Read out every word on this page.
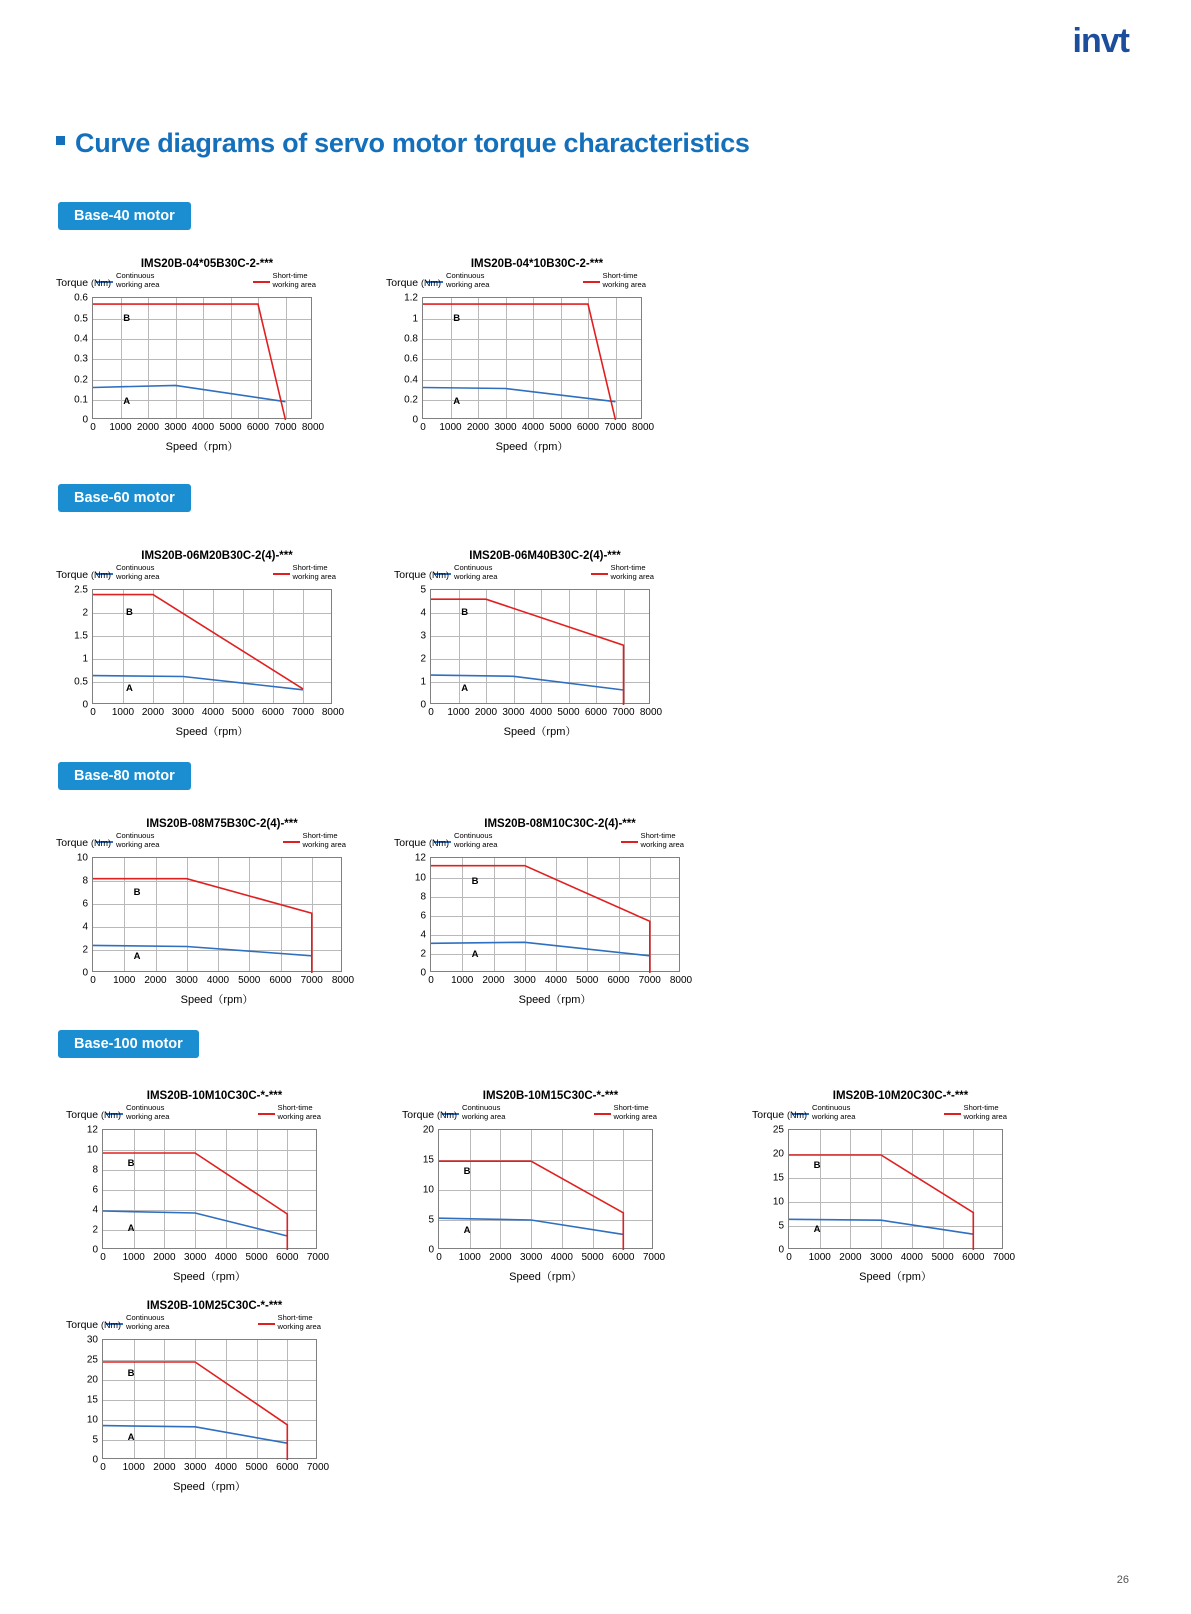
invt
Curve diagrams of servo motor torque characteristics
Base-40 motor
Base-60 motor
Base-80 motor
Base-100 motor
IMS20B-04*05B30C-2-***
Continuous
working area
Short-time
working area
Torque (Nm)
0
0.1
0.2
0.3
0.4
0.5
0.6
0 1000 2000 3000 4000 5000 6000 7000 8000
B
A
Speed（rpm）
IMS20B-04*10B30C-2-***
Continuous
working area
Short-time
working area
Torque (Nm)
0
0.2
0.4
0.6
0.8
1
1.2
0 1000 2000 3000 4000 5000 6000 7000 8000
B
A
Speed（rpm）
IMS20B-06M20B30C-2(4)-***
Continuous
working area
Short-time
working area
Torque (Nm)
0
0.5
1
1.5
2
2.5
0 1000 2000 3000 4000 5000 6000 7000 8000
B
A
Speed（rpm）
IMS20B-06M40B30C-2(4)-***
Continuous
working area
Short-time
working area
Torque (Nm)
0
1
2
3
4
5
0 1000 2000 3000 4000 5000 6000 7000 8000
B
A
Speed（rpm）
IMS20B-08M75B30C-2(4)-***
Continuous
working area
Short-time
working area
Torque (Nm)
0
2
4
6
8
10
0 1000 2000 3000 4000 5000 6000 7000 8000
B
A
Speed（rpm）
IMS20B-08M10C30C-2(4)-***
Continuous
working area
Short-time
working area
Torque (Nm)
0
2
4
6
8
10
12
0 1000 2000 3000 4000 5000 6000 7000 8000
B
A
Speed（rpm）
IMS20B-10M10C30C-*-***
Continuous
working area
Short-time
working area
Torque (Nm)
0
2
4
6
8
10
12
0 1000 2000 3000 4000 5000 6000 7000
B
A
Speed（rpm）
IMS20B-10M15C30C-*-***
Continuous
working area
Short-time
working area
Torque (Nm)
0
5
10
15
20
0 1000 2000 3000 4000 5000 6000 7000
B
A
Speed（rpm）
IMS20B-10M20C30C-*-***
Continuous
working area
Short-time
working area
Torque (Nm)
0
5
10
15
20
25
0 1000 2000 3000 4000 5000 6000 7000
B
A
Speed（rpm）
IMS20B-10M25C30C-*-***
Continuous
working area
Short-time
working area
Torque (Nm)
0
5
10
15
20
25
30
0 1000 2000 3000 4000 5000 6000 7000
B
A
Speed（rpm）
26
